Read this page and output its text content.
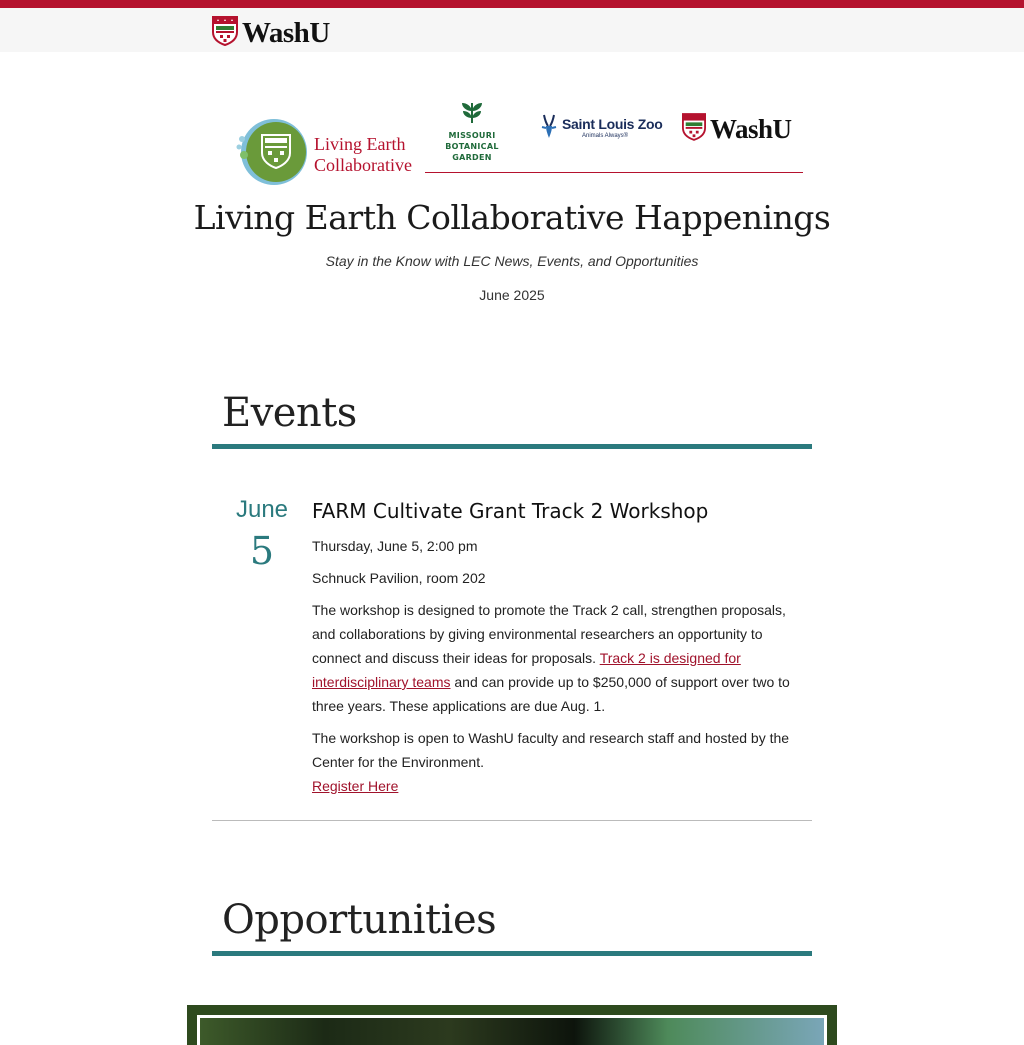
WashU
Living Earth
Collaborative
MISSOURI
BOTANICAL
GARDEN
Saint Louis Zoo
Animals Always®	WashU
Living Earth Collaborative Happenings
Stay in the Know with LEC News, Events, and Opportunities
June 2025
Events
June
5
FARM Cultivate Grant Track 2 Workshop

Thursday, June 5, 2:00 pm

Schnuck Pavilion, room 202

The workshop is designed to promote the Track 2 call, strengthen proposals, and collaborations by giving environmental researchers an opportunity to connect and discuss their ideas for proposals. Track 2 is designed for interdisciplinary teams and can provide up to $250,000 of support over two to three years. These applications are due Aug. 1.

The workshop is open to WashU faculty and research staff and hosted by the Center for the Environment.
Register Here

Opportunities
